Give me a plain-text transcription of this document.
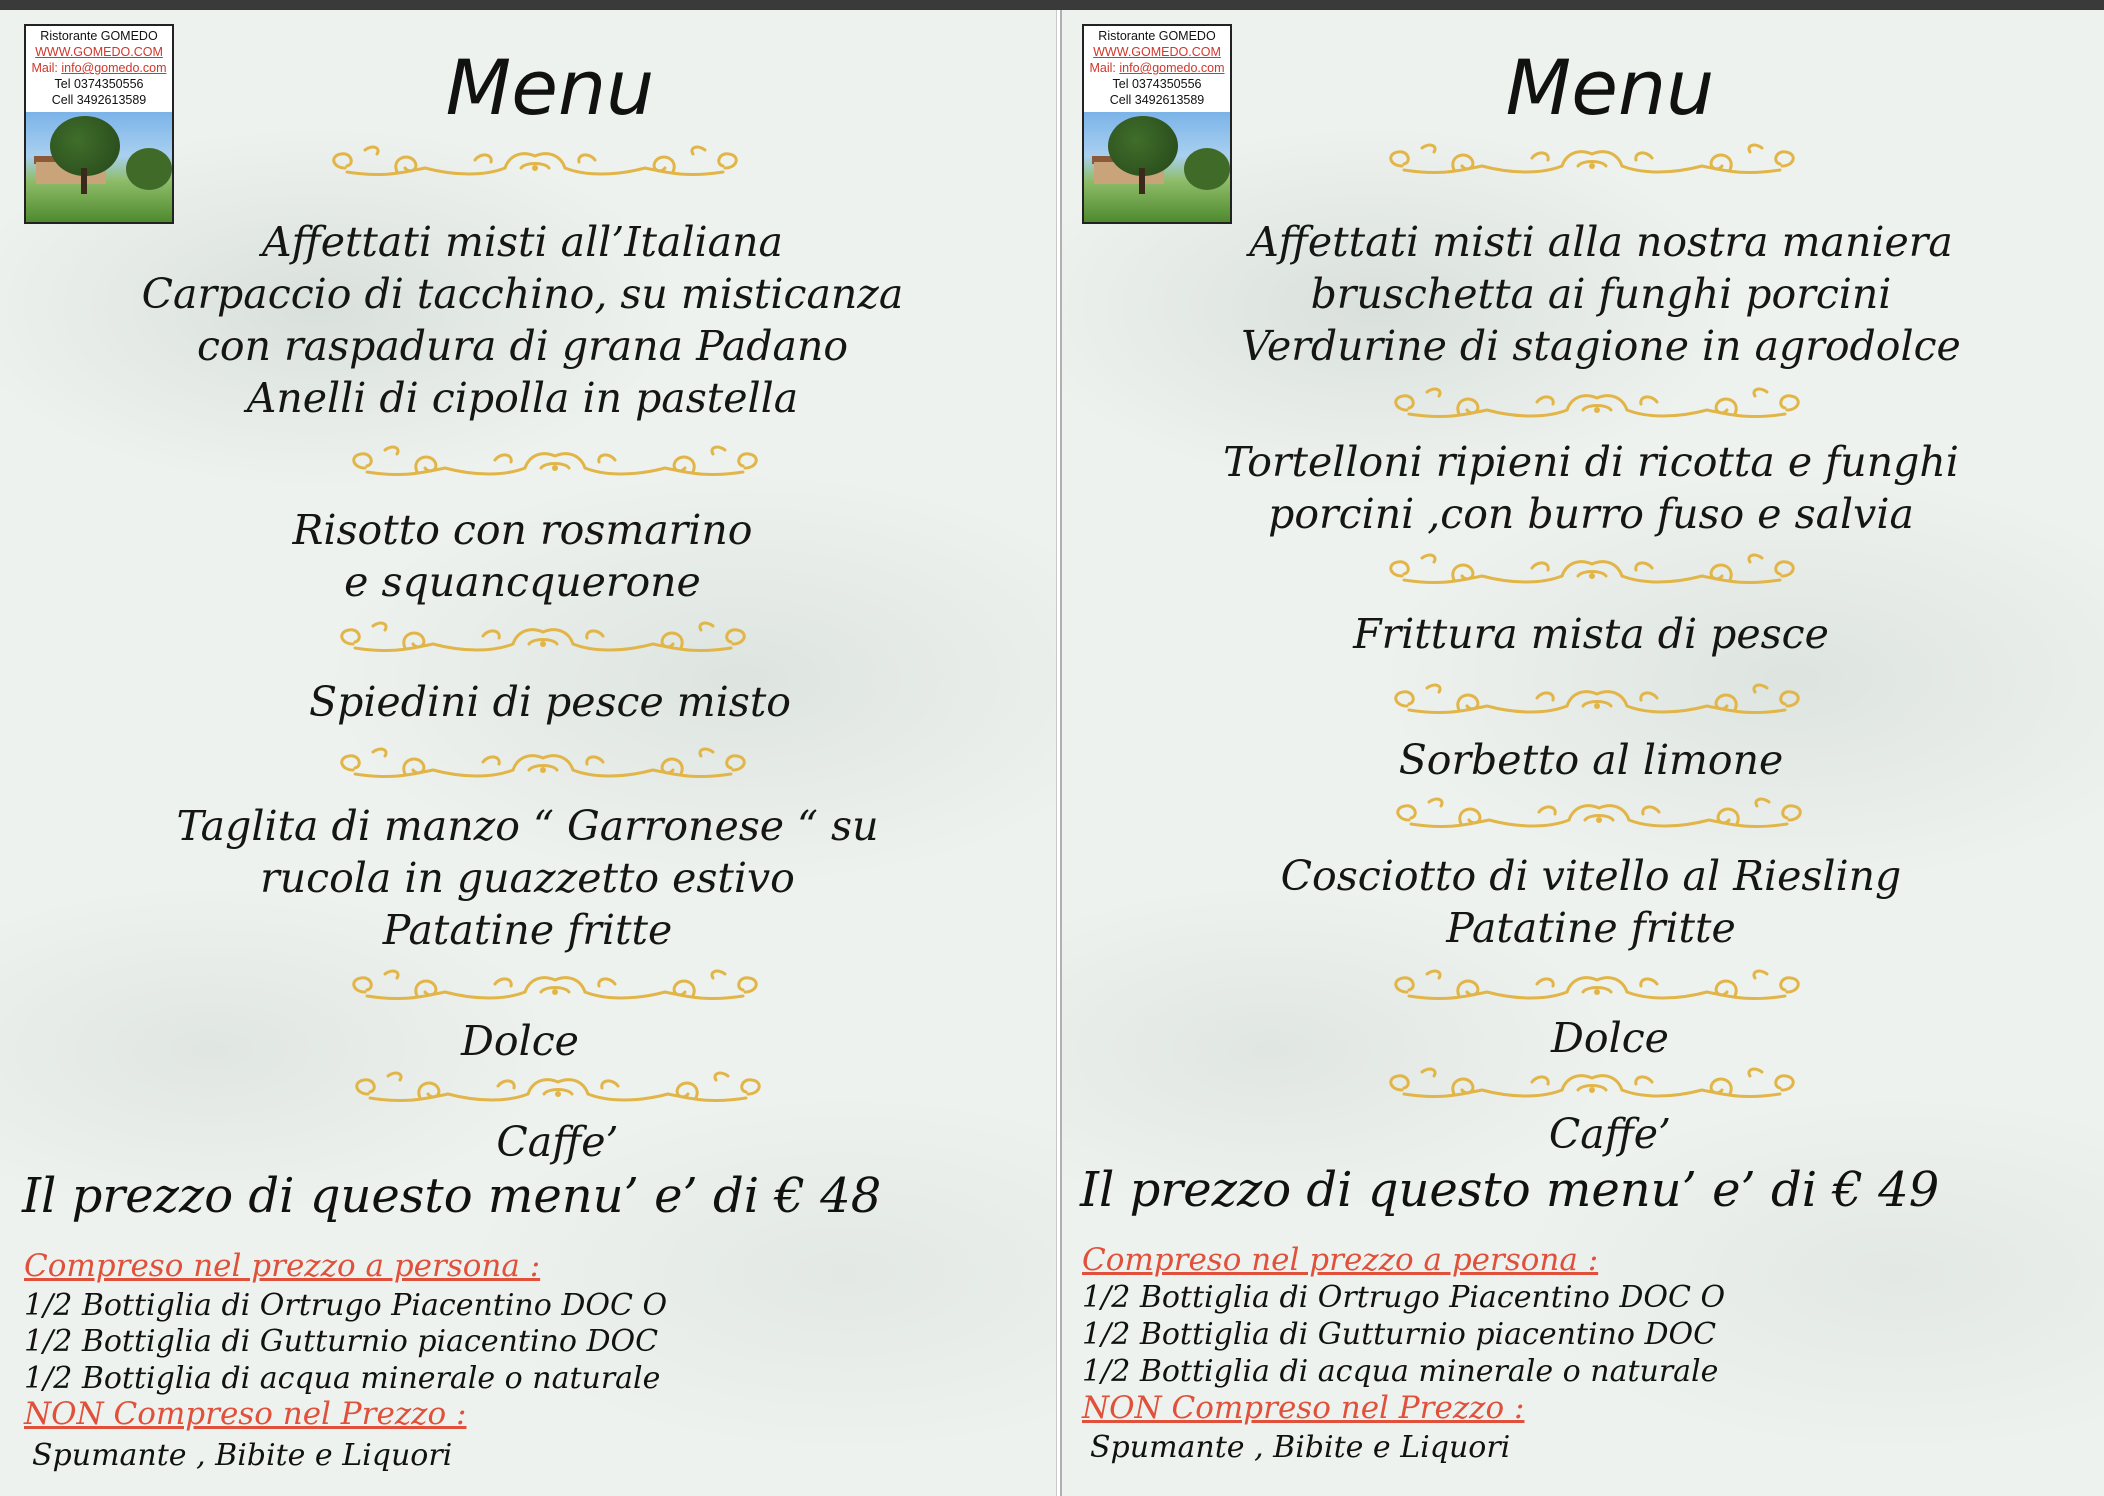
Ristorante GOMEDO
WWW.GOMEDO.COM
Mail: info@gomedo.com
Tel 0374350556
Cell 3492613589	Menu
Affettati misti all’Italiana
Carpaccio di tacchino, su misticanza
con raspadura di grana Padano
Anelli di cipolla in pastella
Risotto con rosmarino
e squancquerone
Spiedini di pesce misto
Taglita di manzo “ Garronese “ su
rucola in guazzetto estivo
Patatine fritte
Dolce
Caffe’
Il prezzo di questo menu’ e’ di € 48
Compreso nel prezzo a persona :
1/2 Bottiglia di Ortrugo Piacentino DOC O
1/2 Bottiglia di Gutturnio piacentino DOC
1/2 Bottiglia di acqua minerale o naturale
NON Compreso nel Prezzo :
Spumante , Bibite e Liquori
Ristorante GOMEDO
WWW.GOMEDO.COM
Mail: info@gomedo.com
Tel 0374350556
Cell 3492613589	Menu
Affettati misti alla nostra maniera
bruschetta ai funghi porcini
Verdurine di stagione in agrodolce
Tortelloni ripieni di ricotta e funghi
porcini ,con burro fuso e salvia
Frittura mista di pesce
Sorbetto al limone
Cosciotto di vitello al Riesling
Patatine fritte
Dolce
Caffe’
Il prezzo di questo menu’ e’ di € 49
Compreso nel prezzo a persona :
1/2 Bottiglia di Ortrugo Piacentino DOC O
1/2 Bottiglia di Gutturnio piacentino DOC
1/2 Bottiglia di acqua minerale o naturale
NON Compreso nel Prezzo :
Spumante , Bibite e Liquori
